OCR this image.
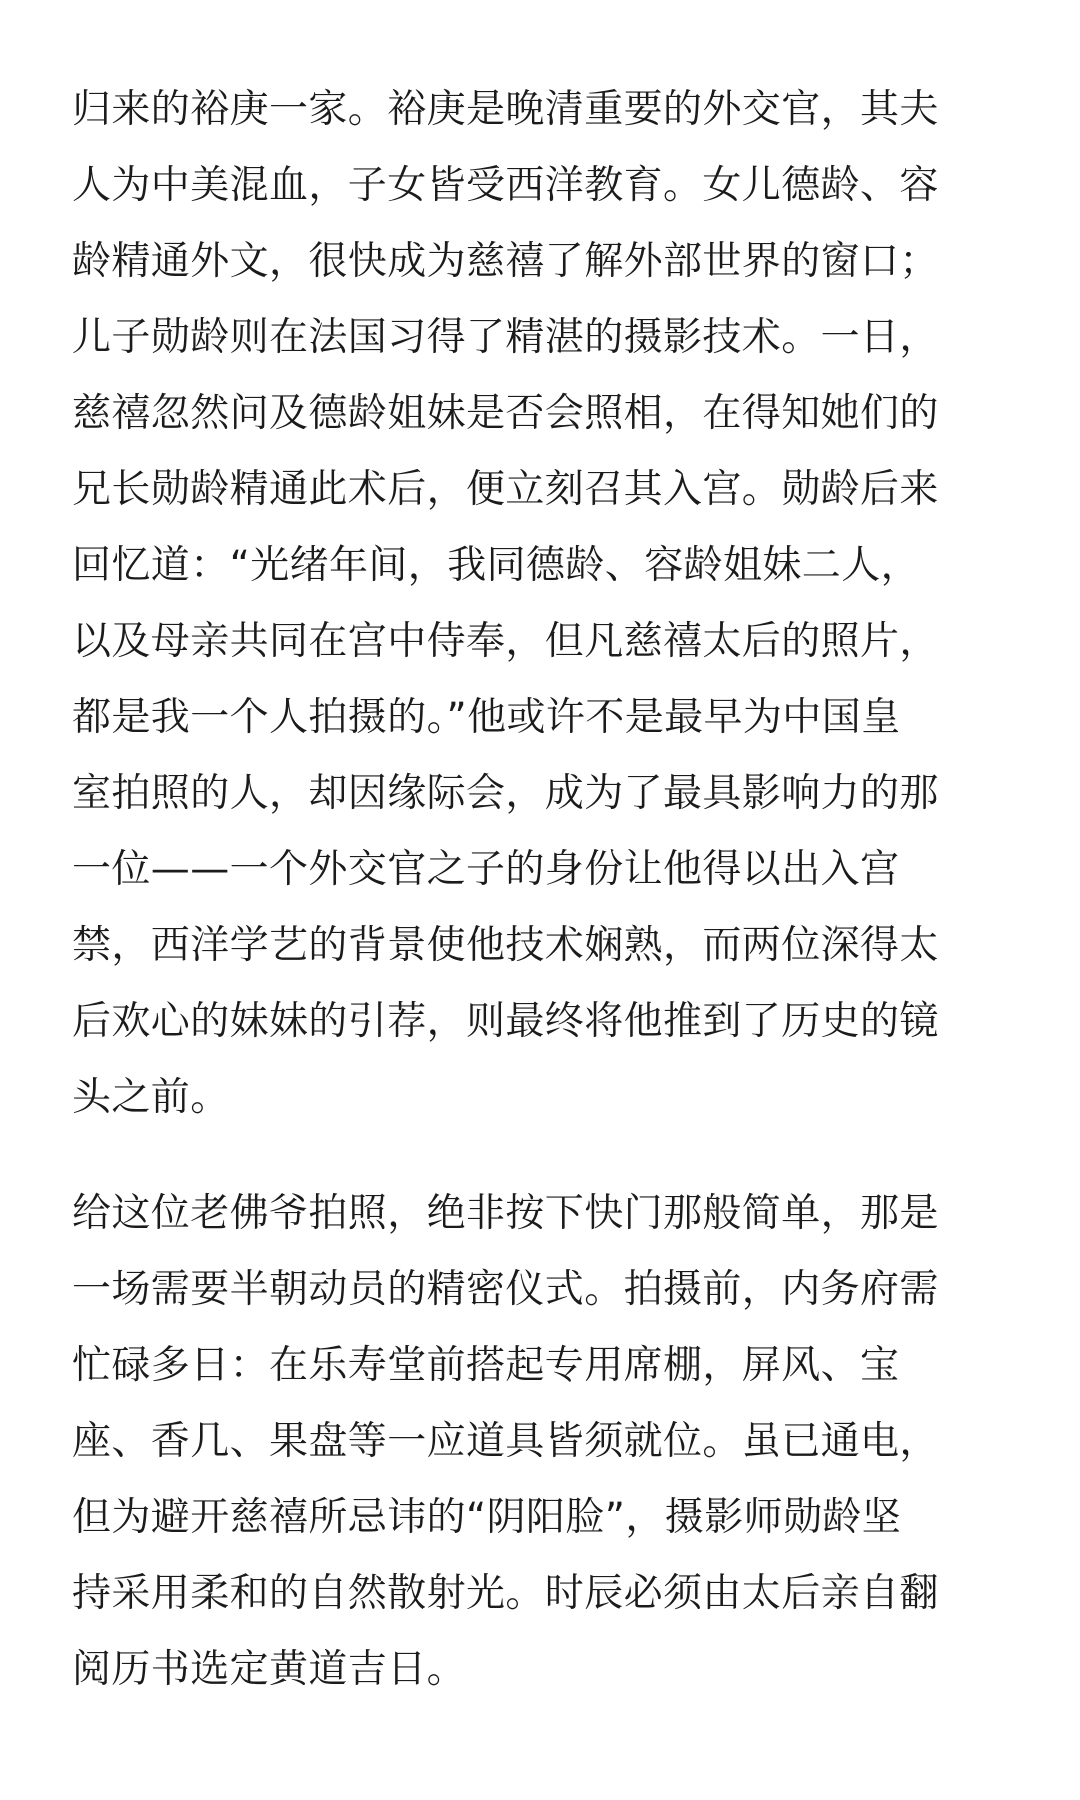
归来的裕庚一家。裕庚是晚清重要的外交官，其夫
人为中美混血，子女皆受西洋教育。女儿德龄、容
龄精通外文，很快成为慈禧了解外部世界的窗口；
儿子勋龄则在法国习得了精湛的摄影技术。一日，
慈禧忽然问及德龄姐妹是否会照相，在得知她们的
兄长勋龄精通此术后，便立刻召其入宫。勋龄后来
回忆道：“光绪年间，我同德龄、容龄姐妹二人，
以及母亲共同在宫中侍奉，但凡慈禧太后的照片，
都是我一个人拍摄的。”他或许不是最早为中国皇
室拍照的人，却因缘际会，成为了最具影响力的那
一位——一个外交官之子的身份让他得以出入宫
禁，西洋学艺的背景使他技术娴熟，而两位深得太
后欢心的妹妹的引荐，则最终将他推到了历史的镜
头之前。
给这位老佛爷拍照，绝非按下快门那般简单，那是
一场需要半朝动员的精密仪式。拍摄前，内务府需
忙碌多日：在乐寿堂前搭起专用席棚，屏风、宝
座、香几、果盘等一应道具皆须就位。虽已通电，
但为避开慈禧所忌讳的“阴阳脸”，摄影师勋龄坚
持采用柔和的自然散射光。时辰必须由太后亲自翻
阅历书选定黄道吉日。
